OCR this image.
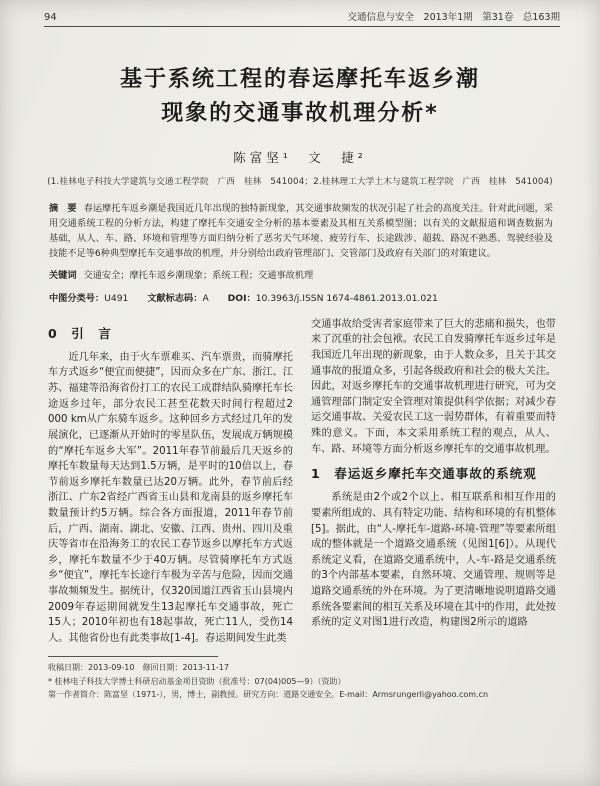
94	交通信息与安全　2013年1期　第31卷　总163期
基于系统工程的春运摩托车返乡潮
现象的交通事故机理分析*
陈富坚¹　文　捷²
(1.桂林电子科技大学建筑与交通工程学院　广西　桂林　541004；2.桂林理工大学土木与建筑工程学院　广西　桂林　541004)

摘　要 春运摩托车返乡潮是我国近几年出现的独特新现象，其交通事故频发的状况引起了社会的高度关注。针对此问题，采用交通系统工程的分析方法，构建了摩托车交通安全分析的基本要素及其相互关系模型图；以有关的文献报道和调查数据为基础，从人、车、路、环境和管理等方面归纳分析了恶劣天气环境、疲劳行车、长途跋涉、超载、路况不熟悉、驾驶经验及技能不足等6种典型摩托车交通事故的机理，并分别给出政府管理部门、交管部门及政府有关部门的对策建议。

关键词 交通安全；摩托车返乡潮现象；系统工程；交通事故机理

中图分类号：U491 文献标志码：A DOI：10.3963/j.ISSN 1674-4861.2013.01.021

0　引　言

近几年来，由于火车票难买、汽车票贵，而骑摩托车方式返乡“便宜而便捷”，因而众多在广东、浙江、江苏、福建等沿海省份打工的农民工成群结队骑摩托车长途返乡过年，部分农民工甚至花数天时间行程超过2 000 km从广东骑车返乡。这种回乡方式经过几年的发展演化，已逐渐从开始时的零星队伍，发展成万辆规模的“摩托车返乡大军”。2011年春节前最后几天返乡的摩托车数量每天达到1.5万辆，是平时的10倍以上，春节前返乡摩托车数量已达20万辆。此外，春节前后经浙江、广东2省经广西省玉山县和龙南县的返乡摩托车数量预计约5万辆。综合各方面报道，2011年春节前后，广西、湖南、湖北、安徽、江西、贵州、四川及重庆等省市在沿海务工的农民工春节返乡以摩托车方式返乡，摩托车数量不少于40万辆。尽管骑摩托车方式返乡“便宜”，摩托车长途行车极为辛苦与危险，因而交通事故频频发生。据统计，仅320国道江西省玉山县境内2009年春运期间就发生13起摩托车交通事故，死亡15人；2010年初也有18起事故，死亡11人，受伤14人。其他省份也有此类事故[1-4]。春运期间发生此类

交通事故给受害者家庭带来了巨大的悲痛和损失，也带来了沉重的社会包袱。农民工自发骑摩托车返乡过年是我国近几年出现的新现象，由于人数众多，且关于其交通事故的报道众多，引起各级政府和社会的极大关注。因此，对返乡摩托车的交通事故机理进行研究，可为交通管理部门制定安全管理对策提供科学依据；对减少春运交通事故、关爱农民工这一弱势群体，有着重要而特殊的意义。下面，本文采用系统工程的观点，从人、车、路、环境等方面分析返乡摩托车的交通事故机理。

1　春运返乡摩托车交通事故的系统观

系统是由2个或2个以上、相互联系和相互作用的要素所组成的、具有特定功能、结构和环境的有机整体[5]。据此，由“人-摩托车-道路-环境-管理”等要素所组成的整体就是一个道路交通系统（见图1[6]）。从现代系统定义看，在道路交通系统中，人-车-路是交通系统的3个内部基本要素，自然环境、交通管理、规则等是道路交通系统的外在环境。为了更清晰地说明道路交通系统各要素间的相互关系及环境在其中的作用，此处按系统的定义对图1进行改造，构建图2所示的道路

收稿日期：2013-09-10　修回日期：2013-11-17
* 桂林电子科技大学博士科研启动基金项目资助（批准号：07(04)005—9）（资助）
第一作者简介：陈富坚（1971-），男，博士，副教授。研究方向：道路交通安全。E-mail：Armsrungerli@yahoo.com.cn
